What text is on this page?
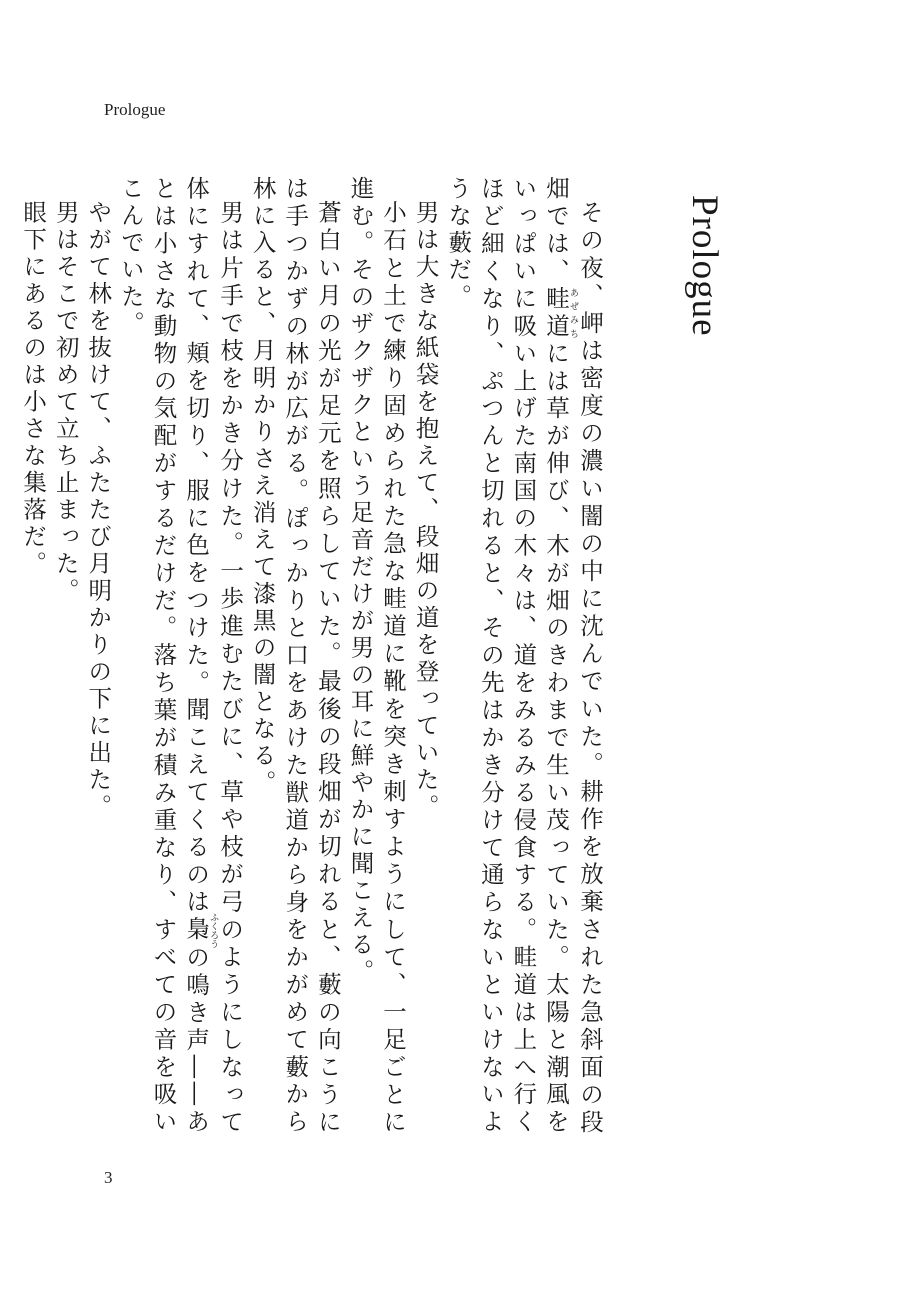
Prologue
Prologue

その夜、岬は密度の濃い闇の中に沈んでいた。耕作を放棄された急斜面の段畑では、畦道あぜみちには草が伸び、木が畑のきわまで生い茂っていた。太陽と潮風をいっぱいに吸い上げた南国の木々は、道をみるみる侵食する。畦道は上へ行くほど細くなり、ぷつんと切れると、その先はかき分けて通らないといけないような藪だ。

男は大きな紙袋を抱えて、段畑の道を登っていた。

小石と土で練り固められた急な畦道に靴を突き刺すようにして、一足ごとに進む。そのザクザクという足音だけが男の耳に鮮やかに聞こえる。

蒼白い月の光が足元を照らしていた。最後の段畑が切れると、藪の向こうには手つかずの林が広がる。ぽっかりと口をあけた獣道から身をかがめて藪から林に入ると、月明かりさえ消えて漆黒の闇となる。

男は片手で枝をかき分けた。一歩進むたびに、草や枝が弓のようにしなって体にすれて、頬を切り、服に色をつけた。聞こえてくるのは梟ふくろうの鳴き声――あとは小さな動物の気配がするだけだ。落ち葉が積み重なり、すべての音を吸いこんでいた。

やがて林を抜けて、ふたたび月明かりの下に出た。

男はそこで初めて立ち止まった。

眼下にあるのは小さな集落だ。

3
